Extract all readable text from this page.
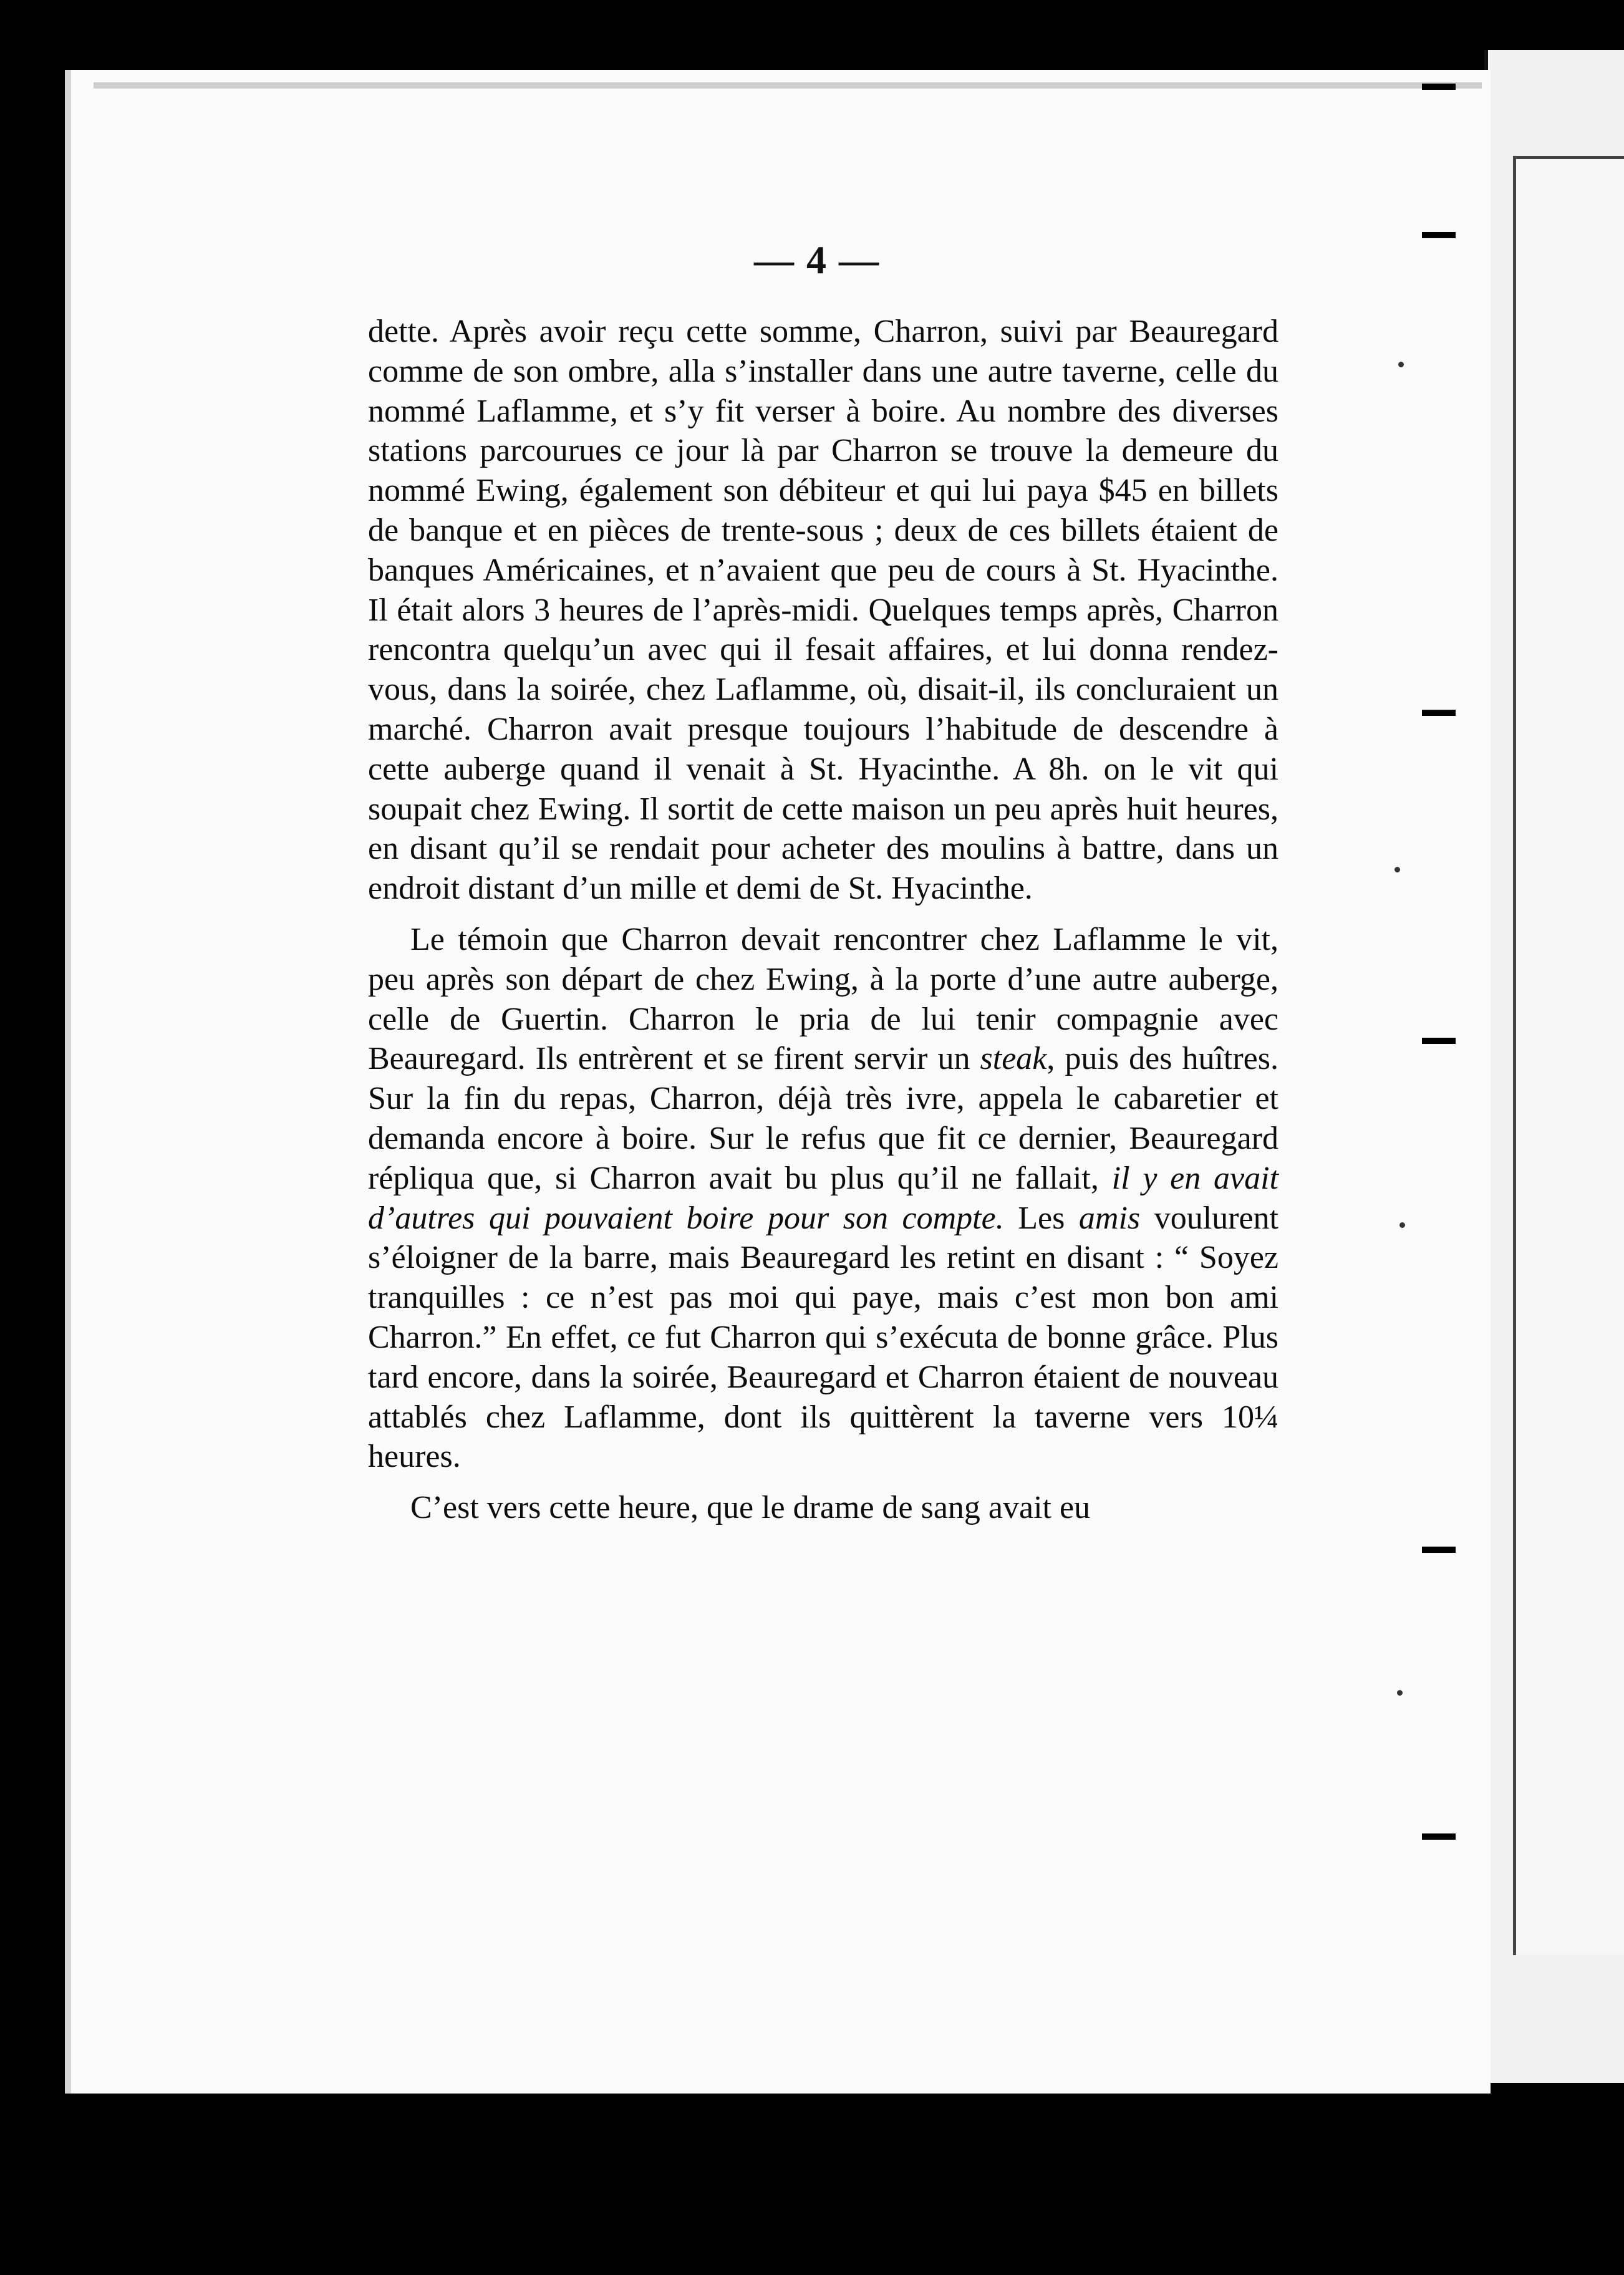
— 4 —

dette. Après avoir reçu cette somme, Charron, suivi par Beauregard comme de son ombre, alla s’installer dans une autre taverne, celle du nommé Laflamme, et s’y fit verser à boire. Au nombre des diverses stations parcourues ce jour là par Charron se trouve la demeure du nommé Ewing, également son débiteur et qui lui paya $45 en billets de banque et en pièces de trente-sous ; deux de ces billets étaient de banques Américaines, et n’avaient que peu de cours à St. Hyacinthe. Il était alors 3 heures de l’après-midi. Quelques temps après, Charron rencontra quelqu’un avec qui il fesait affaires, et lui donna rendez-vous, dans la soirée, chez Laflamme, où, disait-il, ils concluraient un marché. Charron avait presque toujours l’habitude de descendre à cette auberge quand il venait à St. Hyacinthe. A 8h. on le vit qui soupait chez Ewing. Il sortit de cette maison un peu après huit heures, en disant qu’il se rendait pour acheter des moulins à battre, dans un endroit distant d’un mille et demi de St. Hyacinthe.

Le témoin que Charron devait rencontrer chez Laflamme le vit, peu après son départ de chez Ewing, à la porte d’une autre auberge, celle de Guertin. Charron le pria de lui tenir compagnie avec Beauregard. Ils entrèrent et se firent servir un steak, puis des huîtres. Sur la fin du repas, Charron, déjà très ivre, appela le cabaretier et demanda encore à boire. Sur le refus que fit ce dernier, Beauregard répliqua que, si Charron avait bu plus qu’il ne fallait, il y en avait d’autres qui pouvaient boire pour son compte. Les amis voulurent s’éloigner de la barre, mais Beauregard les retint en disant : “ Soyez tranquilles : ce n’est pas moi qui paye, mais c’est mon bon ami Charron.” En effet, ce fut Charron qui s’exécuta de bonne grâce. Plus tard encore, dans la soirée, Beauregard et Charron étaient de nouveau attablés chez Laflamme, dont ils quittèrent la taverne vers 10¼ heures.

C’est vers cette heure, que le drame de sang avait eu
